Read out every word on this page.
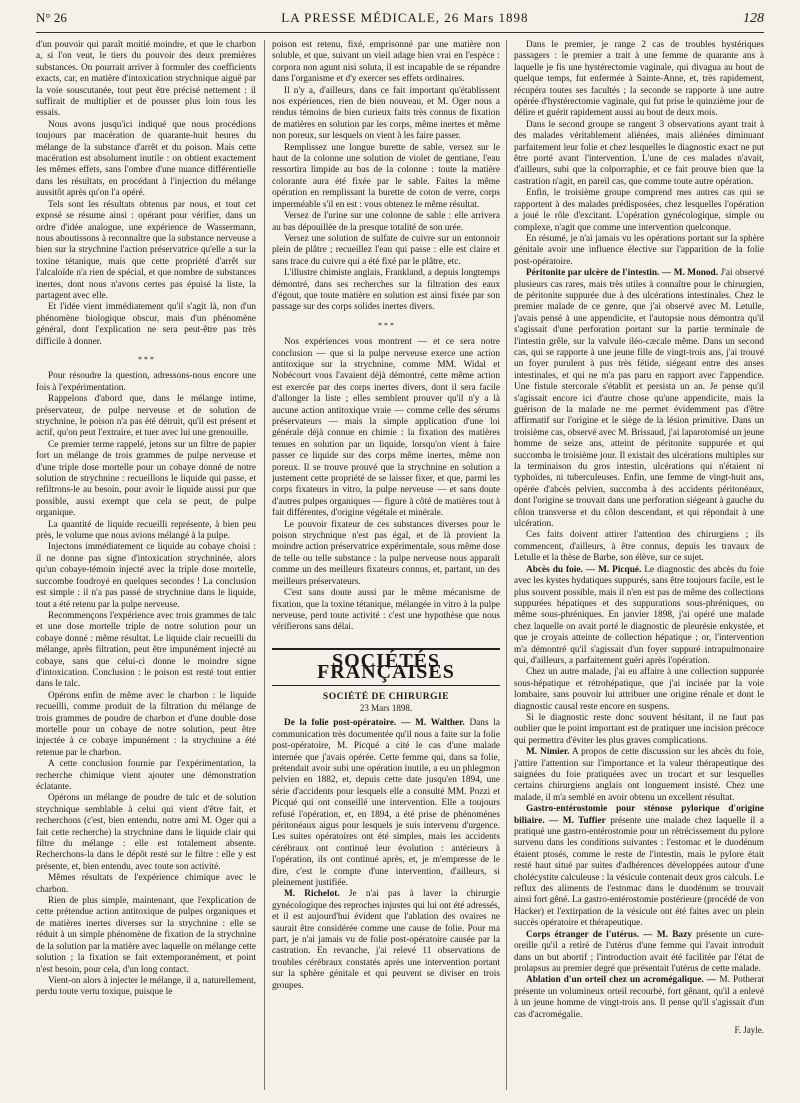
N° 26	LA PRESSE MÉDICALE, 26 Mars 1898	128

d'un pouvoir qui paraît moitié moindre, et que le charbon a, si l'on veut, le tiers du pouvoir des deux premières substances. On pourrait arriver à formuler des coefficients exacts, car, en matière d'intoxication strychnique aiguë par la voie souscutanée, tout peut être précisé nettement : il suffirait de multiplier et de pousser plus loin tous les essais.

Nous avons jusqu'ici indiqué que nous procédions toujours par macération de quarante-huit heures du mélange de la substance d'arrêt et du poison. Mais cette macération est absolument inutile : on obtient exactement les mêmes effets, sans l'ombre d'une nuance différentielle dans les résultats, en procédant à l'injection du mélange aussitôt après qu'on l'a opéré.

Tels sont les résultats obtenus par nous, et tout cet exposé se résume ainsi : opérant pour vérifier, dans un ordre d'idée analogue, une expérience de Wassermann, nous aboutissons à reconnaître que la substance nerveuse a bien sur la strychnine l'action préservatrice qu'elle a sur la toxine tétanique, mais que cette propriété d'arrêt sur l'alcaloïde n'a rien de spécial, et que nombre de substances inertes, dont nous n'avons certes pas épuisé la liste, la partagent avec elle.

Et l'idée vient immédiatement qu'il s'agit là, non d'un phénomène biologique obscur, mais d'un phénomène général, dont l'explication ne sera peut-être pas très difficile à donner.

* * *

Pour résoudre la question, adressons-nous encore une fois à l'expérimentation.

Rappelons d'abord que, dans le mélange intime, préservateur, de pulpe nerveuse et de solution de strychnine, le poison n'a pas été détruit, qu'il est présent et actif, qu'on peut l'extraire, et tuer avec lui une grenouille.

Ce premier terme rappelé, jetons sur un filtre de papier fort un mélange de trois grammes de pulpe nerveuse et d'une triple dose mortelle pour un cobaye donné de notre solution de strychnine : recueillons le liquide qui passe, et refiltrons-le au besoin, pour avoir le liquide aussi pur que possible, aussi exempt que cela se peut, de pulpe organique.

La quantité de liquide recueilli représente, à bien peu près, le volume que nous avions mélangé à la pulpe.

Injectons immédiatement ce liquide au cobaye choisi : il ne donne pas signe d'intoxication strychninée, alors qu'un cobaye-témoin injecté avec la triple dose mortelle, succombe foudroyé en quelques secondes ! La conclusion est simple : il n'a pas passé de strychnine dans le liquide, tout a été retenu par la pulpe nerveuse.

Recommençons l'expérience avec trois grammes de talc et une dose mortelle triple de notre solution pour un cobaye donné : même résultat. Le liquide clair recueilli du mélange, après filtration, peut être impunément injecté au cobaye, sans que celui-ci donne le moindre signe d'intoxication. Conclusion : le poison est resté tout entier dans le talc.

Opérons enfin de même avec le charbon : le liquide recueilli, comme produit de la filtration du mélange de trois grammes de poudre de charbon et d'une double dose mortelle pour un cobaye de notre solution, peut être injectée à ce cobaye impunément : la strychnine a été retenue par le charbon.

A cette conclusion fournie par l'expérimentation, la recherche chimique vient ajouter une démonstration éclatante.

Opérons un mélange de poudre de talc et de solution strychnique semblable à celui qui vient d'être fait, et recherchons (c'est, bien entendu, notre ami M. Oger qui a fait cette recherche) la strychnine dans le liquide clair qui filtre du mélange : elle est totalement absente. Recherchons-la dans le dépôt resté sur le filtre : elle y est présente, et, bien entendu, avec toute son activité.

Mêmes résultats de l'expérience chimique avec le charbon.

Rien de plus simple, maintenant, que l'explication de cette prétendue action antitoxique de pulpes organiques et de matières inertes diverses sur la strychnine : elle se réduit à un simple phénomène de fixation de la strychnine de la solution par la matière avec laquelle on mélange cette solution ; la fixation se fait extemporanément, et point n'est besoin, pour cela, d'un long contact.

Vient-on alors à injecter le mélange, il a, naturellement, perdu toute vertu toxique, puisque le

poison est retenu, fixé, emprisonné par une matière non soluble, et que, suivant un vieil adage bien vrai en l'espèce : corpora non agunt nisi soluta, il est incapable de se répandre dans l'organisme et d'y exercer ses effets ordinaires.

Il n'y a, d'ailleurs, dans ce fait important qu'établissent nos expériences, rien de bien nouveau, et M. Oger nous a rendus témoins de bien curieux faits très connus de fixation de matières en solution par les corps, même inertes et même non poreux, sur lesquels on vient à les faire passer.

Remplissez une longue burette de sable, versez sur le haut de la colonne une solution de violet de gentiane, l'eau ressortira limpide au bas de la colonne : toute la matière colorante aura été fixée par le sable. Faites la même opération en remplissant la burette de coton de verre, corps imperméable s'il en est : vous obtenez le même résultat.

Versez de l'urine sur une colonne de sable : elle arrivera au bas dépouillée de la presque totalité de son urée.

Versez une solution de sulfate de cuivre sur un entonnoir plein de plâtre ; recueillez l'eau qui passe : elle est claire et sans trace du cuivre qui a été fixé par le plâtre, etc.

L'illustre chimiste anglais, Frankland, a depuis longtemps démontré, dans ses recherches sur la filtration des eaux d'égout, que toute matière en solution est ainsi fixée par son passage sur des corps solides inertes divers.

* * *

Nos expériences vous montrent — et ce sera notre conclusion — que si la pulpe nerveuse exerce une action antitoxique sur la strychnine, comme MM. Widal et Nobécourt vous l'avaient déjà démontré, cette même action est exercée par des corps inertes divers, dont il sera facile d'allonger la liste ; elles semblent prouver qu'il n'y a là aucune action antitoxique vraie — comme celle des sérums préservateurs — mais la simple application d'une loi générale déjà connue en chimie : la fixation des matières tenues en solution par un liquide, lorsqu'on vient à faire passer ce liquide sur des corps même inertes, même non poreux. Il se trouve prouvé que la strychnine en solution a justement cette propriété de se laisser fixer, et que, parmi les corps fixateurs in vitro, la pulpe nerveuse — et sans doute d'autres pulpes organiques — figure à côté de matières tout à fait différentes, d'origine végétale et minérale.

Le pouvoir fixateur de ces substances diverses pour le poison strychnique n'est pas égal, et de là provient la moindre action préservatrice expérimentale, sous même dose de telle ou telle substance : la pulpe nerveuse nous apparaît comme un des meilleurs fixateurs connus, et, partant, un des meilleurs préservateurs.

C'est sans doute aussi par le même mécanisme de fixation, que la toxine tétanique, mélangée in vitro à la pulpe nerveuse, perd toute activité : c'est une hypothèse que nous vérifierons sans délai.

SOCIÉTÉS FRANÇAISES
SOCIÉTÉ DE CHIRURGIE
23 Mars 1898.

De la folie post-opératoire. — M. Walther. Dans la communication très documentée qu'il nous a faite sur la folie post-opératoire, M. Picqué a cité le cas d'une malade internée que j'avais opérée. Cette femme qui, dans sa folie, prétendait avoir subi une opération inutile, a eu un phlegmon pelvien en 1882, et, depuis cette date jusqu'en 1894, une série d'accidents pour lesquels elle a consulté MM. Pozzi et Picqué qui ont conseillé une intervention. Elle a toujours refusé l'opération, et, en 1894, a été prise de phénomènes péritonéaux aigus pour lesquels je suis intervenu d'urgence. Les suites opératoires ont été simples, mais les accidents cérébraux ont continué leur évolution : antérieurs à l'opération, ils ont continué après, et, je m'empresse de le dire, c'est le compte d'une intervention, d'ailleurs, si pleinement justifiée.

M. Richelot. Je n'ai pas à laver la chirurgie gynécologique des reproches injustes qui lui ont été adressés, et il est aujourd'hui évident que l'ablation des ovaires ne saurait être considérée comme une cause de folie. Pour ma part, je n'ai jamais vu de folie post-opératoire causée par la castration. En revanche, j'ai relevé 11 observations de troubles cérébraux constatés après une intervention portant sur la sphère génitale et qui peuvent se diviser en trois groupes.

Dans le premier, je range 2 cas de troubles hystériques passagers : le premier a trait à une femme de quarante ans à laquelle je fis une hystérectomie vaginale, qui divagua au bout de quelque temps, fut enfermée à Sainte-Anne, et, très rapidement, récupéra toutes ses facultés ; la seconde se rapporte à une autre opérée d'hystérectomie vaginale, qui fut prise le quinzième jour de délire et guérit rapidement aussi au bout de deux mois.

Dans le second groupe se rangent 3 observations ayant trait à des malades véritablement aliénées, mais aliénées diminuant parfaitement leur folie et chez lesquelles le diagnostic exact ne put être porté avant l'intervention. L'une de ces malades n'avait, d'ailleurs, subi que la colporraphie, et ce fait prouve bien que la castration n'agit, en pareil cas, que comme toute autre opération.

Enfin, le troisième groupe comprend mes autres cas qui se rapportent à des malades prédisposées, chez lesquelles l'opération a joué le rôle d'excitant. L'opération gynécologique, simple ou complexe, n'agit que comme une intervention quelconque.

En résumé, je n'ai jamais vu les opérations portant sur la sphère génitale avoir une influence élective sur l'apparition de la folie post-opératoire.

Péritonite par ulcère de l'intestin. — M. Monod. J'ai observé plusieurs cas rares, mais très utiles à connaître pour le chirurgien, de péritonite suppurée due à des ulcérations intestinales. Chez le premier malade de ce genre, que j'ai observé avec M. Letulle, j'avais pensé à une appendicite, et l'autopsie nous démontra qu'il s'agissait d'une perforation portant sur la partie terminale de l'intestin grêle, sur la valvule iléo-cæcale même. Dans un second cas, qui se rapporte à une jeune fille de vingt-trois ans, j'ai trouvé un foyer purulent à pus très fétide, siégeant entre des anses intestinales, et qui ne m'a pas paru en rapport avec l'appendice. Une fistule stercorale s'établit et persista un an. Je pense qu'il s'agissait encore ici d'autre chose qu'une appendicite, mais la guérison de la malade ne me permet évidemment pas d'être affirmatif sur l'origine et le siège de la lésion primitive. Dans un troisième cas, observé avec M. Brissaud, j'ai laparotomisé un jeune homme de seize ans, atteint de péritonite suppurée et qui succomba le troisième jour. Il existait des ulcérations multiples sur la terminaison du gros intestin, ulcérations qui n'étaient ni typhoïdes, ni tuberculeuses. Enfin, une femme de vingt-huit ans, opérée d'abcès pelvien, succomba à des accidents péritonéaux, dont l'origine se trouvait dans une perforation siégeant à gauche du côlon transverse et du côlon descendant, et qui répondait à une ulcération.

Ces faits doivent attirer l'attention des chirurgiens ; ils commencent, d'ailleurs, à être connus, depuis les travaux de Letulle et la thèse de Barbe, son élève, sur ce sujet.

Abcès du foie. — M. Picqué. Le diagnostic des abcès du foie avec les kystes hydatiques suppurés, sans être toujours facile, est le plus souvent possible, mais il n'en est pas de même des collections suppurées hépatiques et des suppurations sous-phréniques, ou même sous-phréniques. En janvier 1898, j'ai opéré une malade chez laquelle on avait porté le diagnostic de pleurésie enkystée, et que je croyais atteinte de collection hépatique ; or, l'intervention m'a démontré qu'il s'agissait d'un foyer suppuré intrapulmonaire qui, d'ailleurs, a parfaitement guéri après l'opération.

Chez un autre malade, j'ai eu affaire à une collection suppurée sous-hépatique et rétrohépatique, que j'ai incisée par la voie lombaire, sans pouvoir lui attribuer une origine rénale et dont le diagnostic causal reste encore en suspens.

Si le diagnostic reste donc souvent hésitant, il ne faut pas oublier que le point important est de pratiquer une incision précoce qui permettra d'éviter les plus graves complications.

M. Nimier. A propos de cette discussion sur les abcès du foie, j'attire l'attention sur l'importance et la valeur thérapeutique des saignées du foie pratiquées avec un trocart et sur lesquelles certains chirurgiens anglais ont longuement insisté. Chez une malade, il m'a semblé en avoir obtenu un excellent résultat.

Gastro-entérostomie pour sténose pylorique d'origine biliaire. — M. Tuffier présente une malade chez laquelle il a pratiqué une gastro-entérostomie pour un rétrécissement du pylore survenu dans les conditions suivantes : l'estomac et le duodénum étaient ptosés, comme le reste de l'intestin, mais le pylore était resté haut situé par suites d'adhérences développées autour d'une cholécystite calculeuse : la vésicule contenait deux gros calculs. Le reflux des aliments de l'estomac dans le duodénum se trouvait ainsi fort gêné. La gastro-entérostomie postérieure (procédé de von Hacker) et l'extirpation de la vésicule ont été faites avec un plein succès opératoire et thérapeutique.

Corps étranger de l'utérus. — M. Bazy présente un cure-oreille qu'il a retiré de l'utérus d'une femme qui l'avait introduit dans un but abortif ; l'introduction avait été facilitée par l'état de prolapsus au premier degré que présentait l'utérus de cette malade.

Ablation d'un orteil chez un acromégalique. — M. Potherat présente un volumineux orteil recourbé, fort gênant, qu'il a enlevé à un jeune homme de vingt-trois ans. Il pense qu'il s'agissait d'un cas d'acromégalie.

F. Jayle.
